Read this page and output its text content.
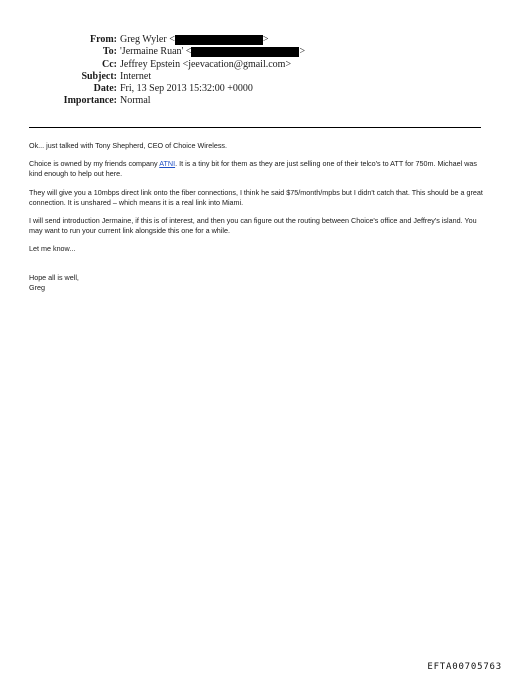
From: Greg Wyler <	>
To: 'Jermaine Ruan' <	>
Cc: Jeffrey Epstein <jeevacation@gmail.com>
Subject: Internet
Date: Fri, 13 Sep 2013 15:32:00 +0000
Importance: Normal

Ok... just talked with Tony Shepherd, CEO of Choice Wireless.

Choice is owned by my friends company ATNI. It is a tiny bit for them as they are just selling one of their telco's to ATT for 750m. Michael was kind enough to help out here.

They will give you a 10mbps direct link onto the fiber connections, I think he said $75/month/mpbs but I didn't catch that. This should be a great connection. It is unshared – which means it is a real link into Miami.

I will send introduction Jermaine, if this is of interest, and then you can figure out the routing between Choice's office and Jeffrey's island. You may want to run your current link alongside this one for a while.

Let me know...

Hope all is well,
Greg
EFTA00705763
